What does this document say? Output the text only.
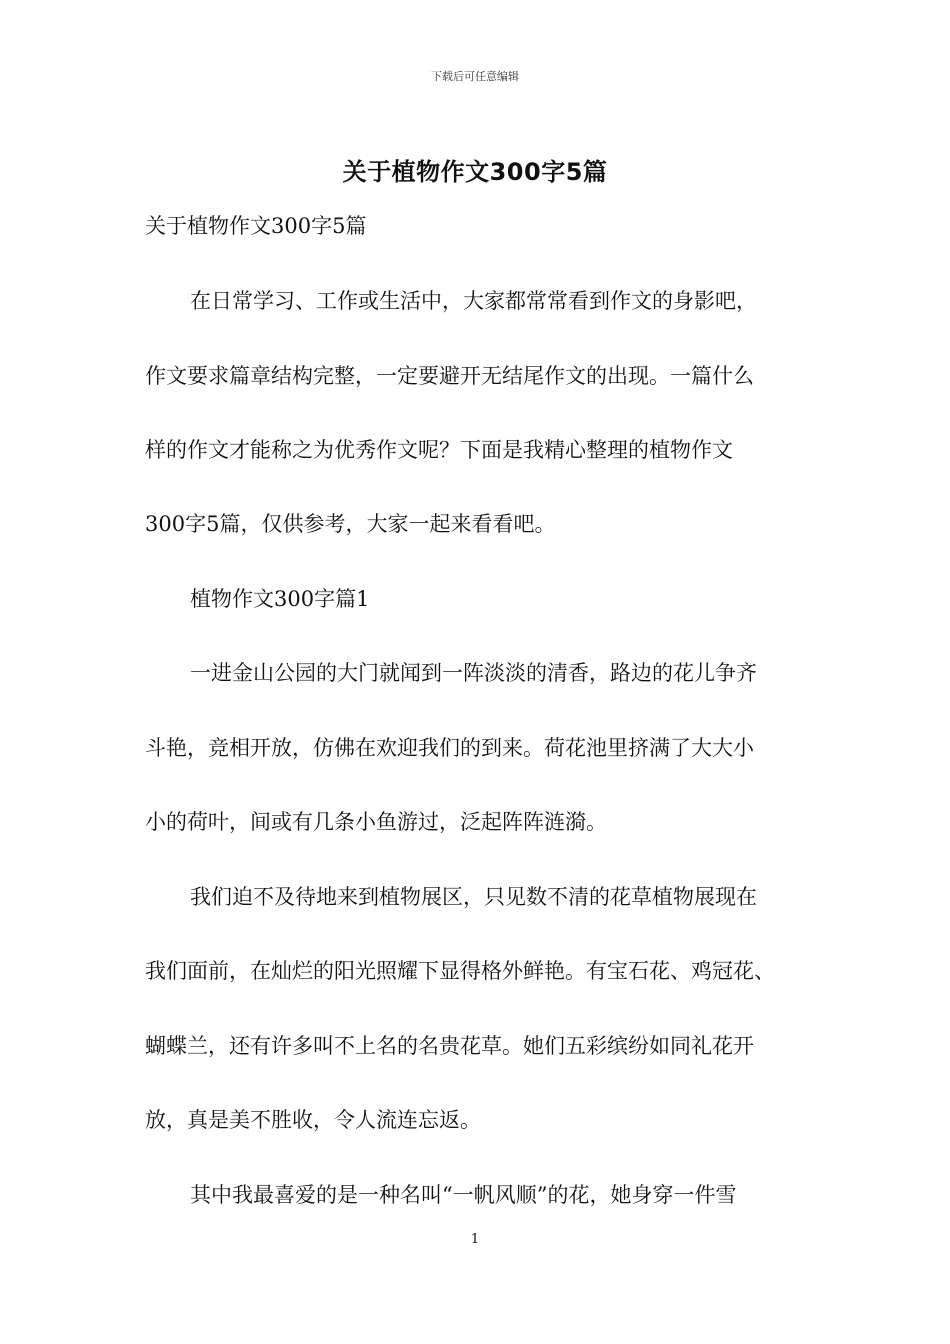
下载后可任意编辑
关于植物作文300字5篇
关于植物作文300字5篇
在日常学习、工作或生活中，大家都常常看到作文的身影吧，
作文要求篇章结构完整，一定要避开无结尾作文的出现。一篇什么
样的作文才能称之为优秀作文呢？下面是我精心整理的植物作文
300字5篇，仅供参考，大家一起来看看吧。
植物作文300字篇1
一进金山公园的大门就闻到一阵淡淡的清香，路边的花儿争齐
斗艳，竞相开放，仿佛在欢迎我们的到来。荷花池里挤满了大大小
小的荷叶，间或有几条小鱼游过，泛起阵阵涟漪。
我们迫不及待地来到植物展区，只见数不清的花草植物展现在
我们面前，在灿烂的阳光照耀下显得格外鲜艳。有宝石花、鸡冠花、
蝴蝶兰，还有许多叫不上名的名贵花草。她们五彩缤纷如同礼花开
放，真是美不胜收，令人流连忘返。
其中我最喜爱的是一种名叫“一帆风顺”的花，她身穿一件雪
1
